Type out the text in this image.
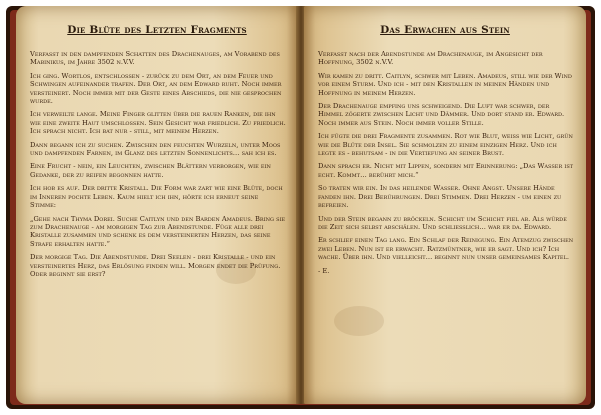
Die Blüte des Letzten Fragments

Verfasst in den dampfenden Schatten des Drachenauges, am Vorabend des Mabinikus, im Jahre 3502 n.V.V.

Ich ging. Wortlos, entschlossen - zurück zu dem Ort, an dem Feuer und Schwingen aufeinander trafen. Der Ort, an dem Edward ruht. Noch immer versteinert. Noch immer mit der Geste eines Abschieds, die nie gesprochen wurde.

Ich verweilte lange. Meine Finger glitten über die rauen Ranken, die ihn wie eine zweite Haut umschlossen. Sein Gesicht war friedlich. Zu friedlich. Ich sprach nicht. Ich bat nur - still, mit meinem Herzen.

Dann begann ich zu suchen. Zwischen den feuchten Wurzeln, unter Moos und dampfenden Farnen, im Glanz des letzten Sonnenlichts… sah ich es.

Eine Frucht - nein, ein Leuchten, zwischen Blättern verborgen, wie ein Gedanke, der zu reifen begonnen hatte.

Ich hob es auf. Der dritte Kristall. Die Form war zart wie eine Blüte, doch im Inneren pochte Leben. Kaum hielt ich ihn, hörte ich erneut seine Stimme:

„Gehe nach Thyma Dorei. Suche Caitlyn und den Barden Amadeus. Bring sie zum Drachenauge - am morgigen Tag zur Abendstunde. Füge alle drei Kristalle zusammen und schenk es dem versteinerten Herzen, das seine Strafe erhalten hatte.“

Der morgige Tag. Die Abendstunde. Drei Seelen - drei Kristalle - und ein versteinertes Herz, das Erlösung finden will. Morgen endet die Prüfung. Oder beginnt sie erst?

Das Erwachen aus Stein

Verfasst nach der Abendstunde am Drachenauge, im Angesicht der Hoffnung, 3502 n.V.V.

Wir kamen zu dritt. Caitlyn, schwer mit Leben. Amadeus, still wie der Wind vor einem Sturm. Und ich - mit den Kristallen in meinen Händen und Hoffnung in meinem Herzen.

Der Drachenauge empfing uns schweigend. Die Luft war schwer, der Himmel zögerte zwischen Licht und Dämmer. Und dort stand er. Edward. Noch immer aus Stein. Noch immer voller Stille.

Ich fügte die drei Fragmente zusammen. Rot wie Blut, weiß wie Licht, grün wie die Blüte der Insel. Sie schmolzen zu einem einzigen Herz. Und ich legte es - behutsam - in die Vertiefung an seiner Brust.

Dann sprach er. Nicht mit Lippen, sondern mit Erinnerung: „Das Wasser ist echt. Kommt… berührt mich.“

So traten wir ein. In das heilende Wasser. Ohne Angst. Unsere Hände fanden ihn. Drei Berührungen. Drei Stimmen. Drei Herzen - um einen zu befreien.

Und der Stein begann zu bröckeln. Schicht um Schicht fiel ab. Als würde die Zeit sich selbst abschälen. Und schliesslich… war er da. Edward.

Er schlief einen Tag lang. Ein Schlaf der Reinigung. Ein Atemzug zwischen zwei Leben. Nun ist er erwacht. Ratzmüntner, wie er sagt. Und ich? Ich wache. Über ihn. Und vielleicht… beginnt nun unser gemeinsames Kapitel.

- E.
